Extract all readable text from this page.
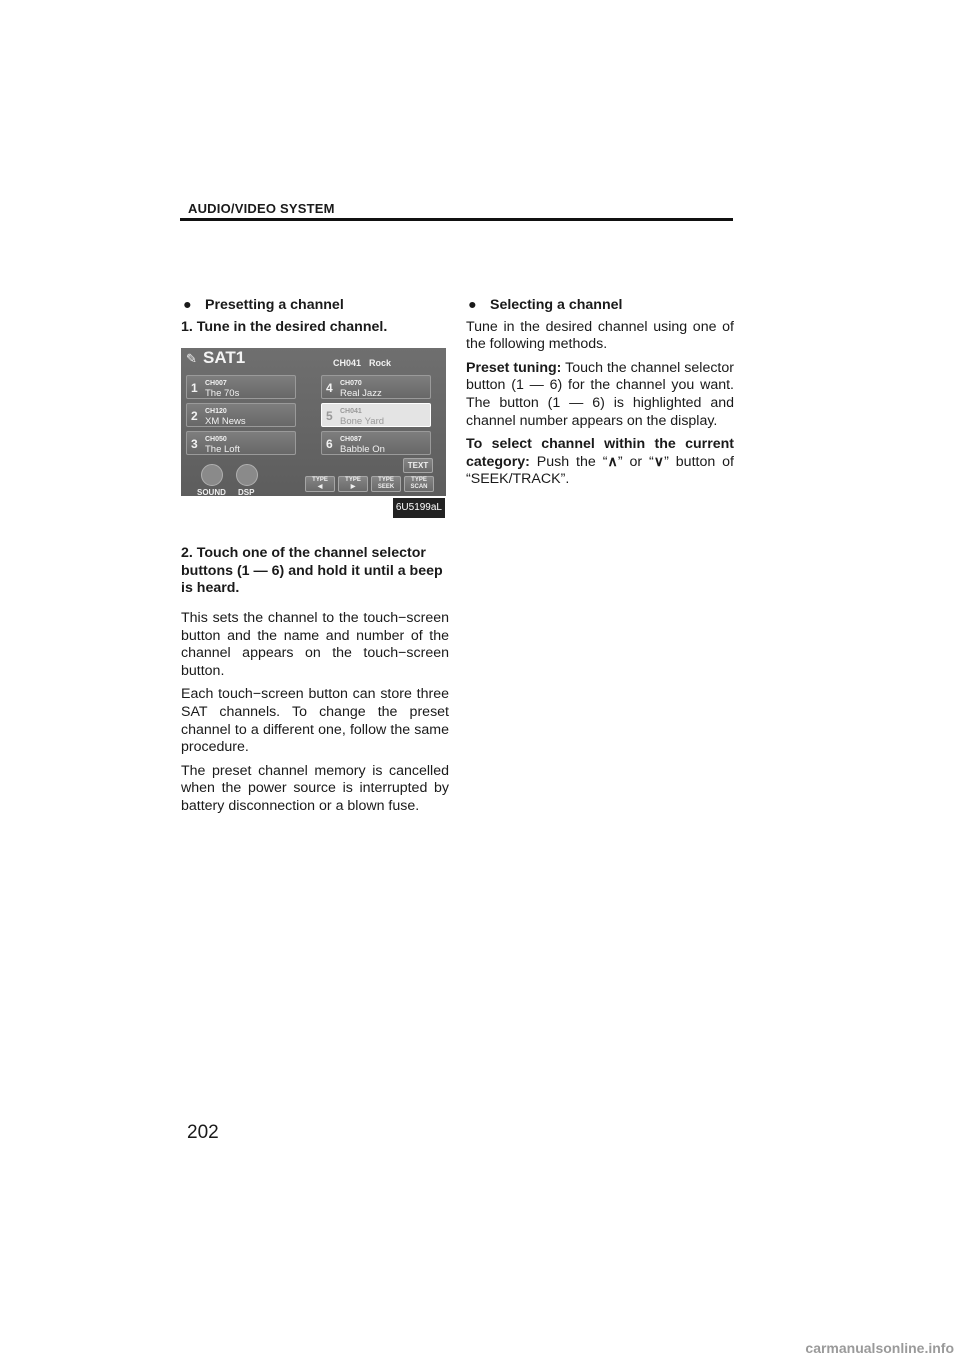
AUDIO/VIDEO SYSTEM
● Presetting a channel
1. Tune in the desired channel.
✎ SAT1	CH041 Rock
1 CH007
The 70s
2 CH120
XM News
3 CH050
The Loft
4 CH070
Real Jazz
5 CH041
Bone Yard
6 CH087
Babble On
SOUND DSP
TEXT
TYPE
◀
TYPE
▶
TYPE
SEEK
TYPE
SCAN
6U5199aL
2. Touch one of the channel selector buttons (1 — 6) and hold it until a beep is heard.

This sets the channel to the touch−screen button and the name and number of the channel appears on the touch−screen button.

Each touch−screen button can store three SAT channels. To change the preset channel to a different one, follow the same procedure.

The preset channel memory is cancelled when the power source is interrupted by battery disconnection or a blown fuse.

● Selecting a channel

Tune in the desired channel using one of the following methods.

Preset tuning: Touch the channel selector button (1 — 6) for the channel you want. The button (1 — 6) is highlighted and channel number appears on the display.

To select channel within the current category: Push the “∧” or “∨” button of “SEEK/TRACK”.

202
carmanualsonline.info
